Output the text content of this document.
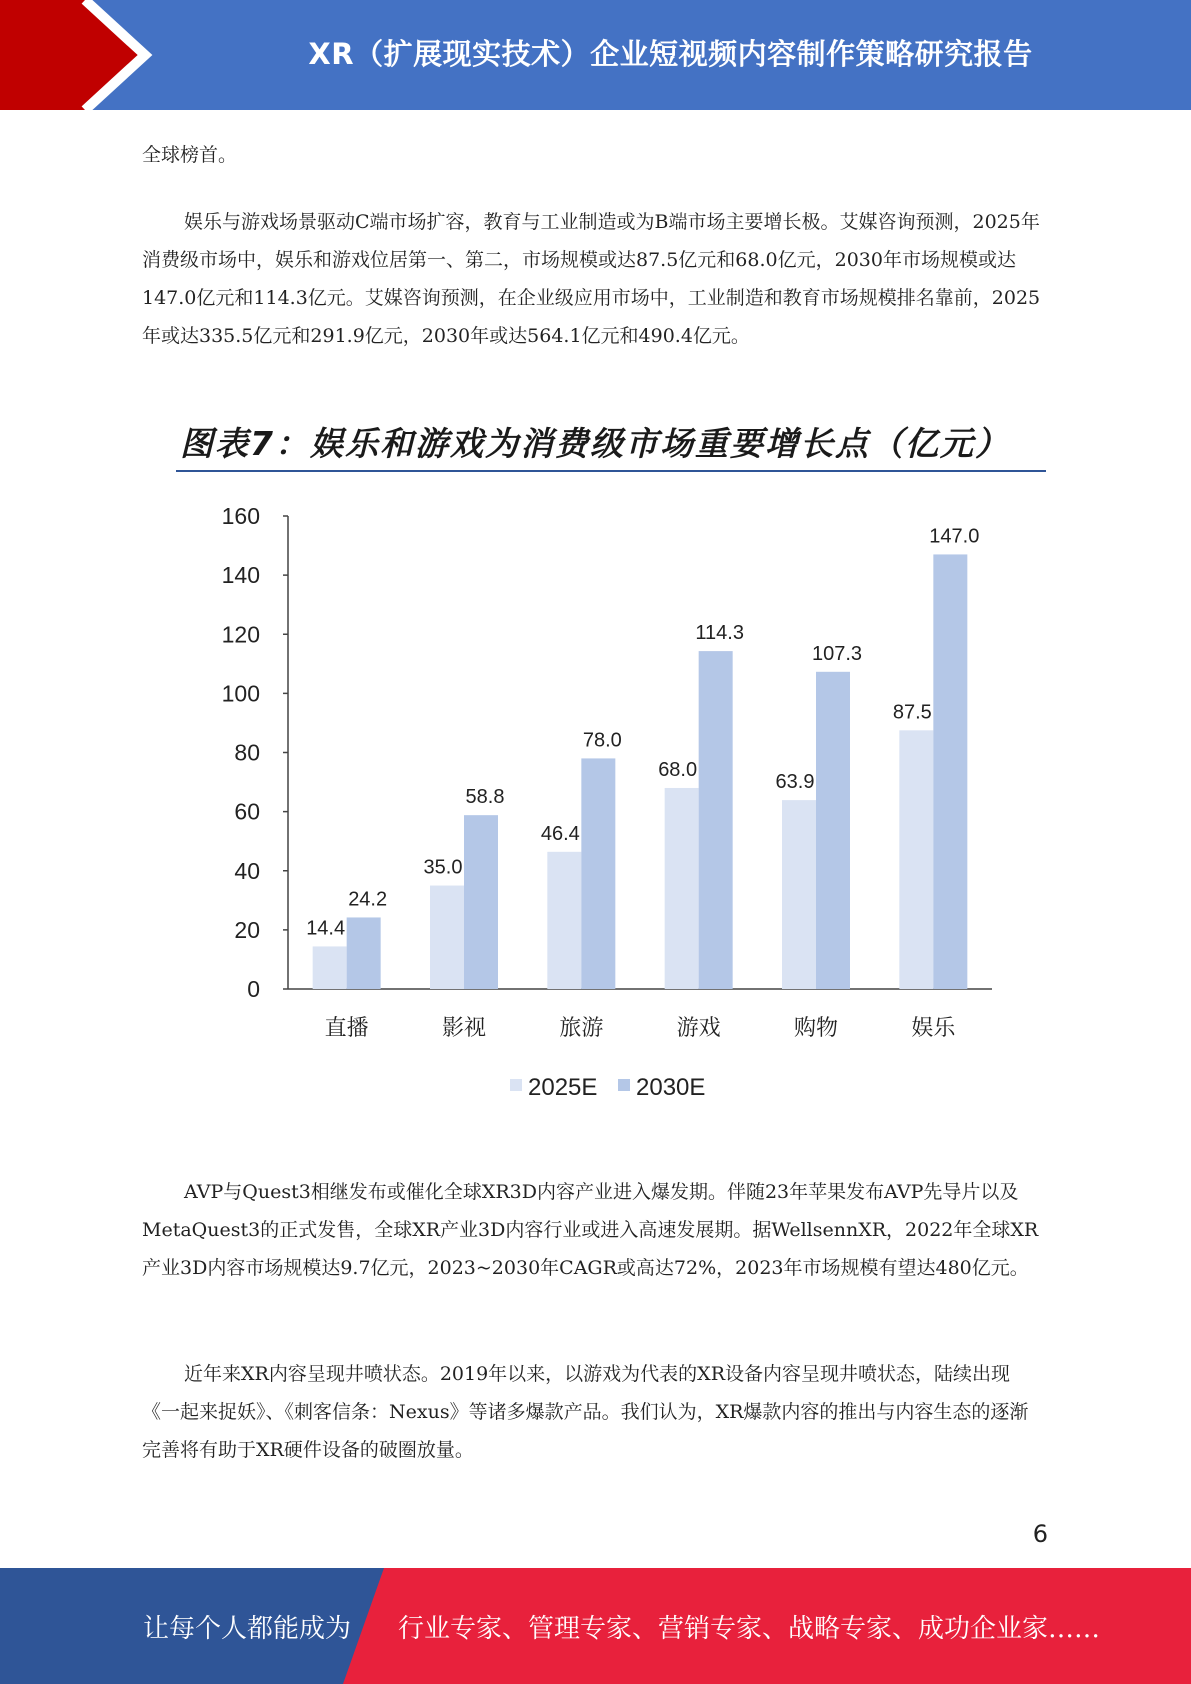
XR（扩展现实技术）企业短视频内容制作策略研究报告

全球榜首。

娱乐与游戏场景驱动C端市场扩容，教育与工业制造或为B端市场主要增长极。艾媒咨询预测，2025年消费级市场中，娱乐和游戏位居第一、第二，市场规模或达87.5亿元和68.0亿元，2030年市场规模或达147.0亿元和114.3亿元。艾媒咨询预测，在企业级应用市场中，工业制造和教育市场规模排名靠前，2025年或达335.5亿元和291.9亿元，2030年或达564.1亿元和490.4亿元。

图表7：娱乐和游戏为消费级市场重要增长点（亿元）
0
20
40
60
80
100
120
140
160
14.4
24.2
35.0
58.8
46.4
78.0
68.0
114.3
63.9
107.3
87.5
147.0
直播	影视	旅游	游戏	购物	娱乐
2025E 2030E

AVP与Quest3相继发布或催化全球XR3D内容产业进入爆发期。伴随23年苹果发布AVP先导片以及MetaQuest3的正式发售，全球XR产业3D内容行业或进入高速发展期。据WellsennXR，2022年全球XR产业3D内容市场规模达9.7亿元，2023~2030年CAGR或高达72%，2023年市场规模有望达480亿元。

近年来XR内容呈现井喷状态。2019年以来，以游戏为代表的XR设备内容呈现井喷状态，陆续出现《一起来捉妖》、《刺客信条：Nexus》等诸多爆款产品。我们认为，XR爆款内容的推出与内容生态的逐渐完善将有助于XR硬件设备的破圈放量。

6
让每个人都能成为 行业专家、管理专家、营销专家、战略专家、成功企业家……
